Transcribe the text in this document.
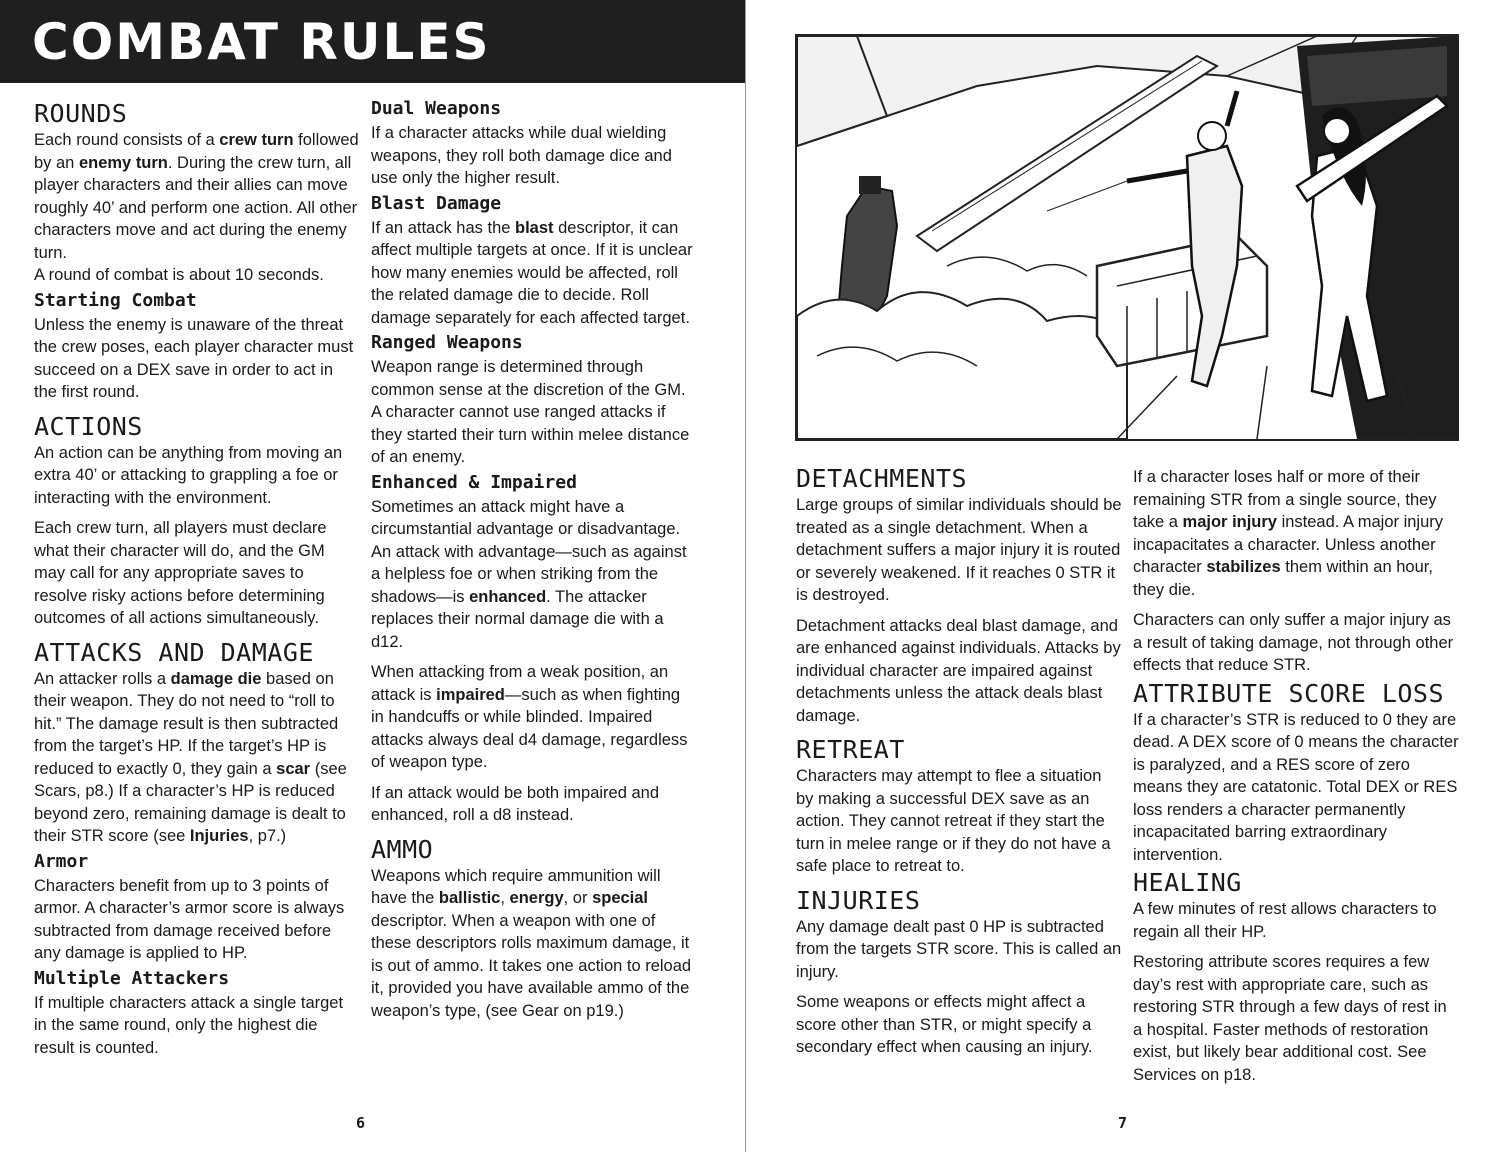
COMBAT RULES
ROUNDS

Each round consists of a crew turn followed by an enemy turn. During the crew turn, all player characters and their allies can move roughly 40’ and perform one action. All other characters move and act during the enemy turn.

A round of combat is about 10 seconds.

Starting Combat

Unless the enemy is unaware of the threat the crew poses, each player character must succeed on a DEX save in order to act in the first round.

ACTIONS

An action can be anything from moving an extra 40’ or attacking to grappling a foe or interacting with the environment.

Each crew turn, all players must declare what their character will do, and the GM may call for any appropriate saves to resolve risky actions before determining outcomes of all actions simultaneously.

ATTACKS AND DAMAGE

An attacker rolls a damage die based on their weapon. They do not need to “roll to hit.” The damage result is then subtracted from the target’s HP. If the target’s HP is reduced to exactly 0, they gain a scar (see Scars, p8.) If a character’s HP is reduced beyond zero, remaining damage is dealt to their STR score (see Injuries, p7.)

Armor

Characters benefit from up to 3 points of armor. A character’s armor score is always subtracted from damage received before any damage is applied to HP.

Multiple Attackers

If multiple characters attack a single target in the same round, only the highest die result is counted.

Dual Weapons

If a character attacks while dual wielding weapons, they roll both damage dice and use only the higher result.

Blast Damage

If an attack has the blast descriptor, it can affect multiple targets at once. If it is unclear how many enemies would be affected, roll the related damage die to decide. Roll damage separately for each affected target.

Ranged Weapons

Weapon range is determined through common sense at the discretion of the GM. A character cannot use ranged attacks if they started their turn within melee distance of an enemy.

Enhanced & Impaired

Sometimes an attack might have a circumstantial advantage or disadvantage. An attack with advantage—such as against a helpless foe or when striking from the shadows—is enhanced. The attacker replaces their normal damage die with a d12.

When attacking from a weak position, an attack is impaired—such as when fighting in handcuffs or while blinded. Impaired attacks always deal d4 damage, regardless of weapon type.

If an attack would be both impaired and enhanced, roll a d8 instead.

AMMO

Weapons which require ammunition will have the ballistic, energy, or special descriptor. When a weapon with one of these descriptors rolls maximum damage, it is out of ammo. It takes one action to reload it, provided you have available ammo of the weapon’s type, (see Gear on p19.)

6	7
DETACHMENTS

Large groups of similar individuals should be treated as a single detachment. When a detachment suffers a major injury it is routed or severely weakened. If it reaches 0 STR it is destroyed.

Detachment attacks deal blast damage, and are enhanced against individuals. Attacks by individual character are impaired against detachments unless the attack deals blast damage.

RETREAT

Characters may attempt to flee a situation by making a successful DEX save as an action. They cannot retreat if they start the turn in melee range or if they do not have a safe place to retreat to.

INJURIES

Any damage dealt past 0 HP is subtracted from the targets STR score. This is called an injury.

Some weapons or effects might affect a score other than STR, or might specify a secondary effect when causing an injury.

If a character loses half or more of their remaining STR from a single source, they take a major injury instead. A major injury incapacitates a character. Unless another character stabilizes them within an hour, they die.

Characters can only suffer a major injury as a result of taking damage, not through other effects that reduce STR.

ATTRIBUTE SCORE LOSS

If a character’s STR is reduced to 0 they are dead. A DEX score of 0 means the character is paralyzed, and a RES score of zero means they are catatonic. Total DEX or RES loss renders a character permanently incapacitated barring extraordinary intervention.

HEALING

A few minutes of rest allows characters to regain all their HP.

Restoring attribute scores requires a few day’s rest with appropriate care, such as restoring STR through a few days of rest in a hospital. Faster methods of restoration exist, but likely bear additional cost. See Services on p18.
